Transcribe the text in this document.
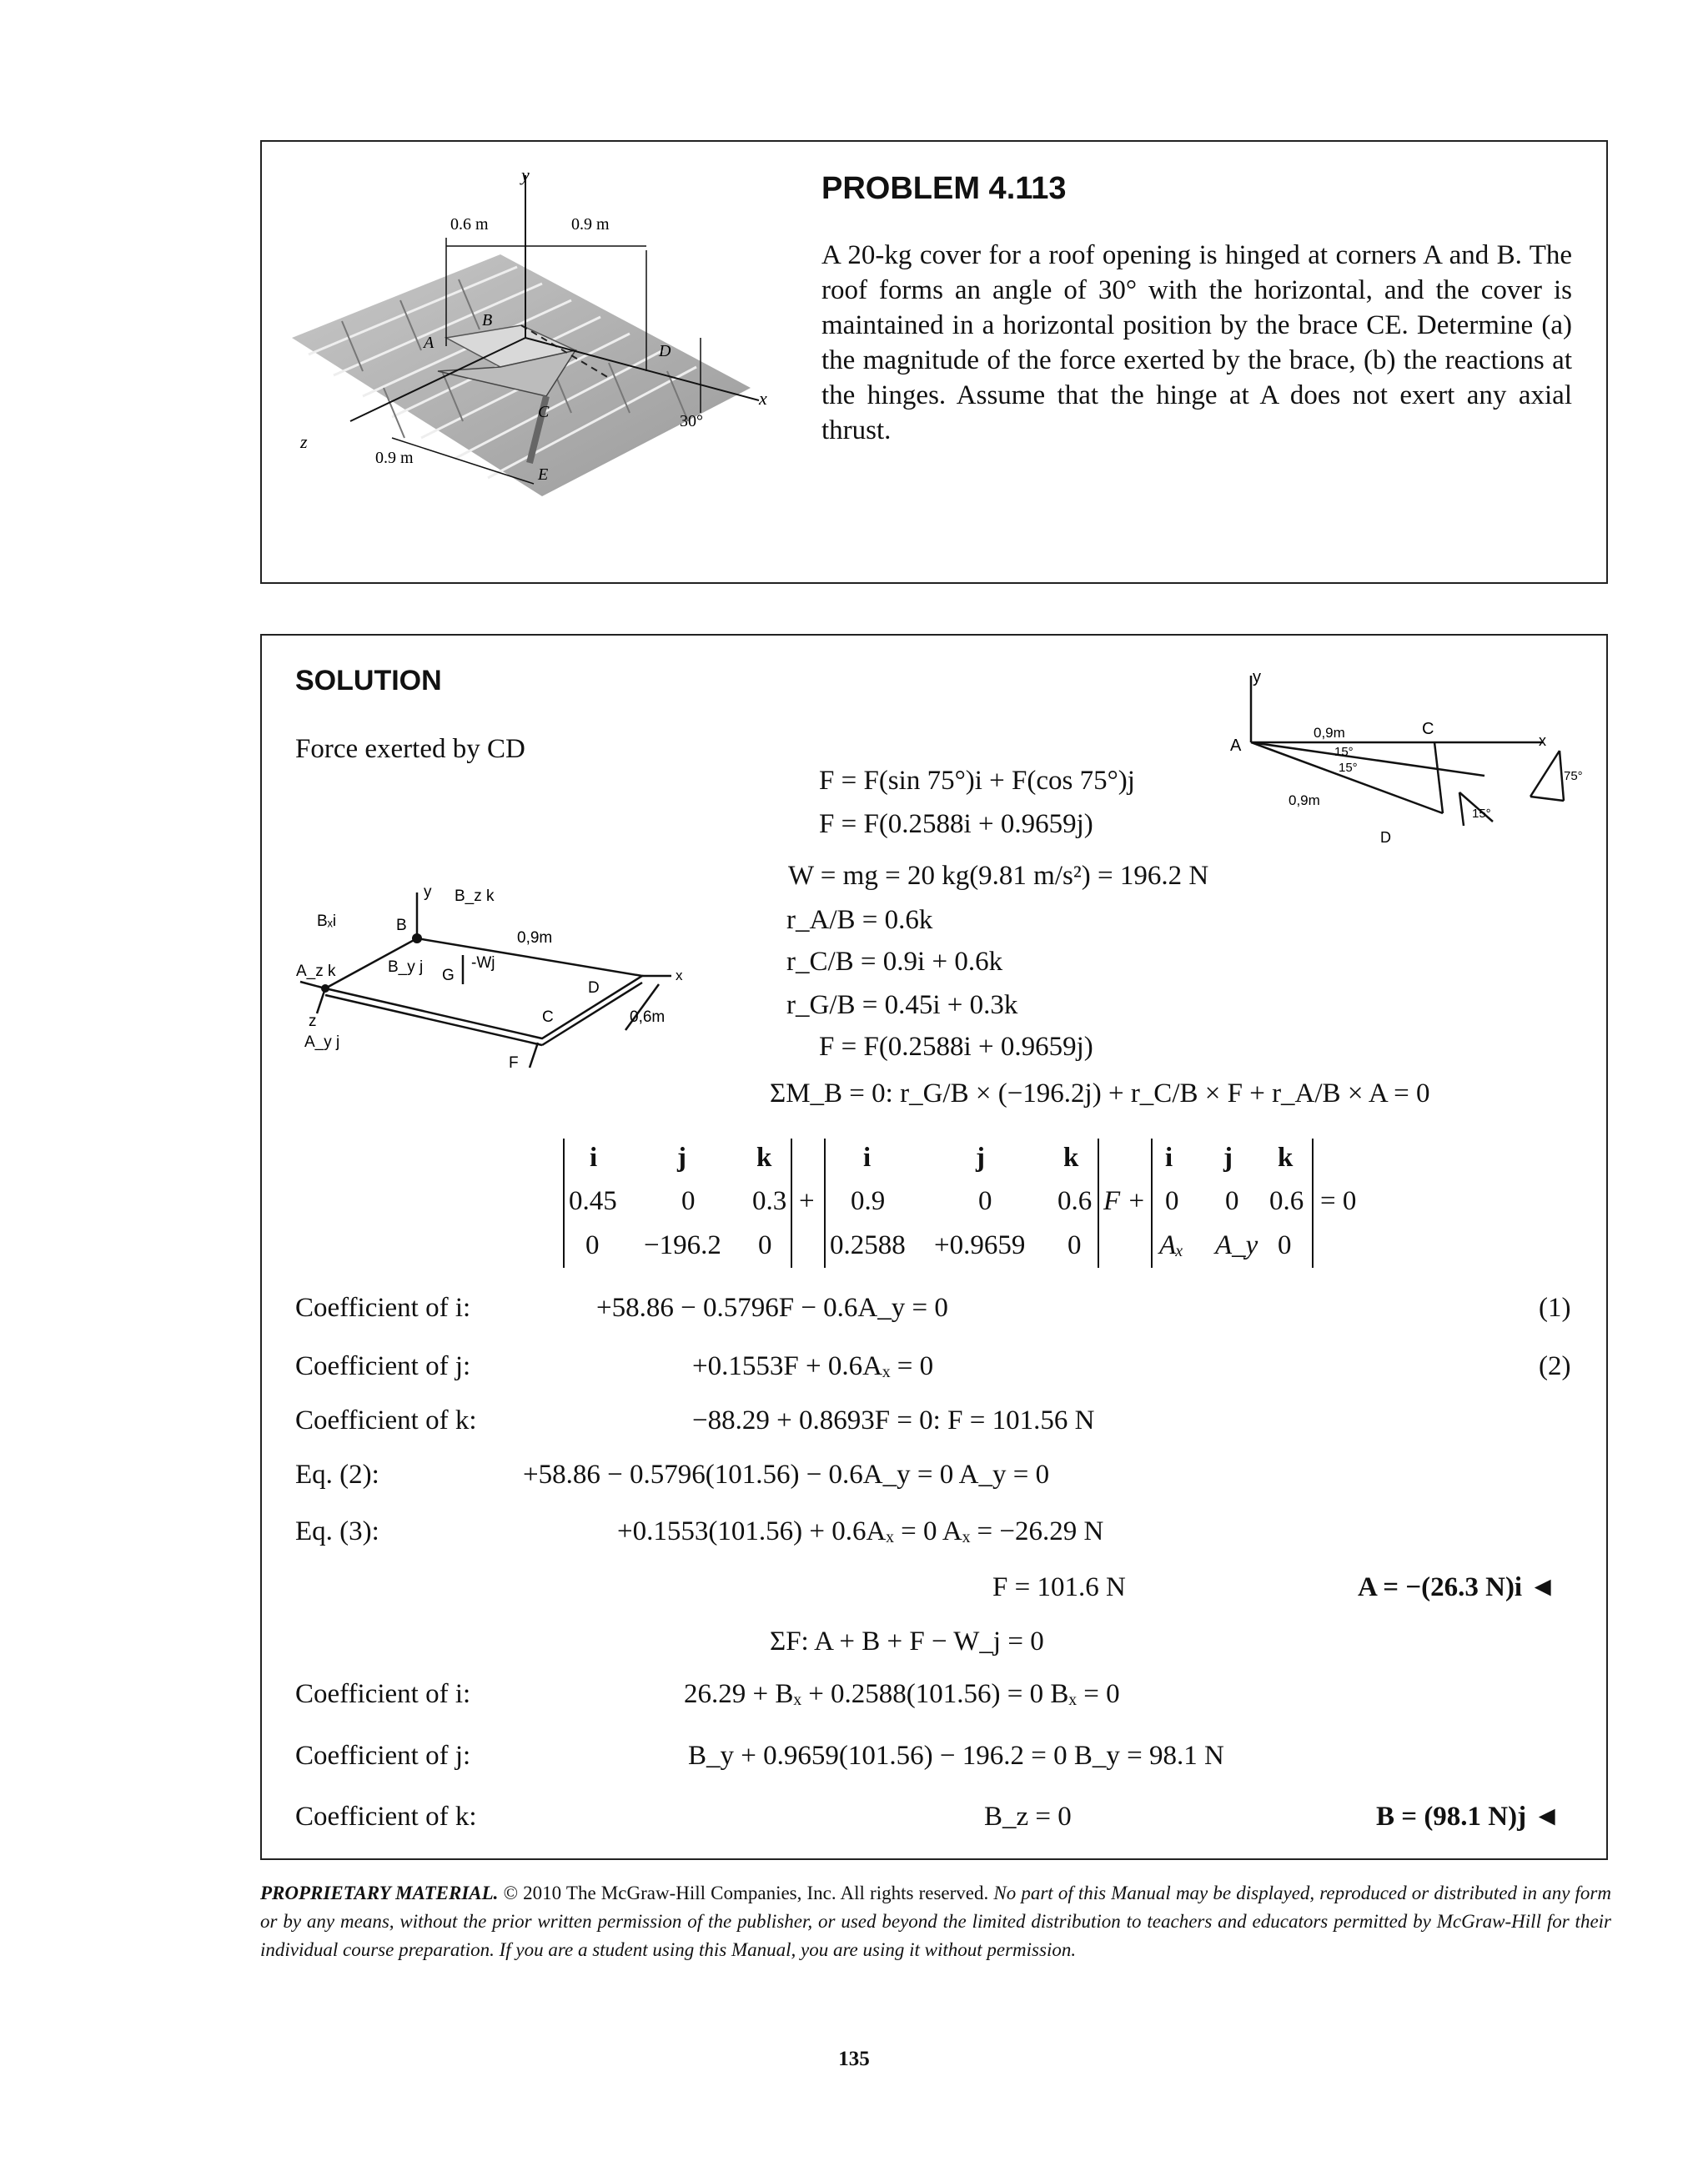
y
x
z
0.6 m	0.9 m
0.9 m
A
B
C
D
E
30°
PROBLEM 4.113
A 20-kg cover for a roof opening is hinged at corners A and B. The roof forms an angle of 30° with the horizontal, and the cover is maintained in a horizontal position by the brace CE. Determine (a) the magnitude of the force exerted by the brace, (b) the reactions at the hinges. Assume that the hinge at A does not exert any axial thrust.
SOLUTION
Force exerted by CD
y
A
C
x
D
0,9m
0,9m
15°
15°
15°
75°
Bₓi
y
B
B_z k
A_z k	B_y j G
-Wj
D
0,9m
0,6m
x
z
A_y j
C
F
F = F(sin 75°)i + F(cos 75°)j
F = F(0.2588i + 0.9659j)
W = mg = 20 kg(9.81 m/s²) = 196.2 N
r_A/B = 0.6k
r_C/B = 0.9i + 0.6k
r_G/B = 0.45i + 0.3k
F = F(0.2588i + 0.9659j)
ΣM_B = 0: r_G/B × (−196.2j) + r_C/B × F + r_A/B × A = 0
i	j	k
0.45 0 0.3
0 −196.2 0
+
i	j	k
0.9	0 0.6
0.2588 +0.9659 0
F +
i j k
0 0 0.6
Aₓ A_y 0
= 0
Coefficient of i:	+58.86 − 0.5796F − 0.6A_y = 0	(1)
Coefficient of j:	+0.1553F + 0.6Aₓ = 0	(2)
Coefficient of k:	−88.29 + 0.8693F = 0: F = 101.56 N
Eq. (2):	+58.86 − 0.5796(101.56) − 0.6A_y = 0 A_y = 0
Eq. (3):	+0.1553(101.56) + 0.6Aₓ = 0 Aₓ = −26.29 N
F = 101.6 N	A = −(26.3 N)i ◄
ΣF: A + B + F − W_j = 0
Coefficient of i:	26.29 + Bₓ + 0.2588(101.56) = 0 Bₓ = 0
Coefficient of j:	B_y + 0.9659(101.56) − 196.2 = 0 B_y = 98.1 N
Coefficient of k:	B_z = 0	B = (98.1 N)j ◄
PROPRIETARY MATERIAL. © 2010 The McGraw-Hill Companies, Inc. All rights reserved. No part of this Manual may be displayed, reproduced or distributed in any form or by any means, without the prior written permission of the publisher, or used beyond the limited distribution to teachers and educators permitted by McGraw-Hill for their individual course preparation. If you are a student using this Manual, you are using it without permission.
135
